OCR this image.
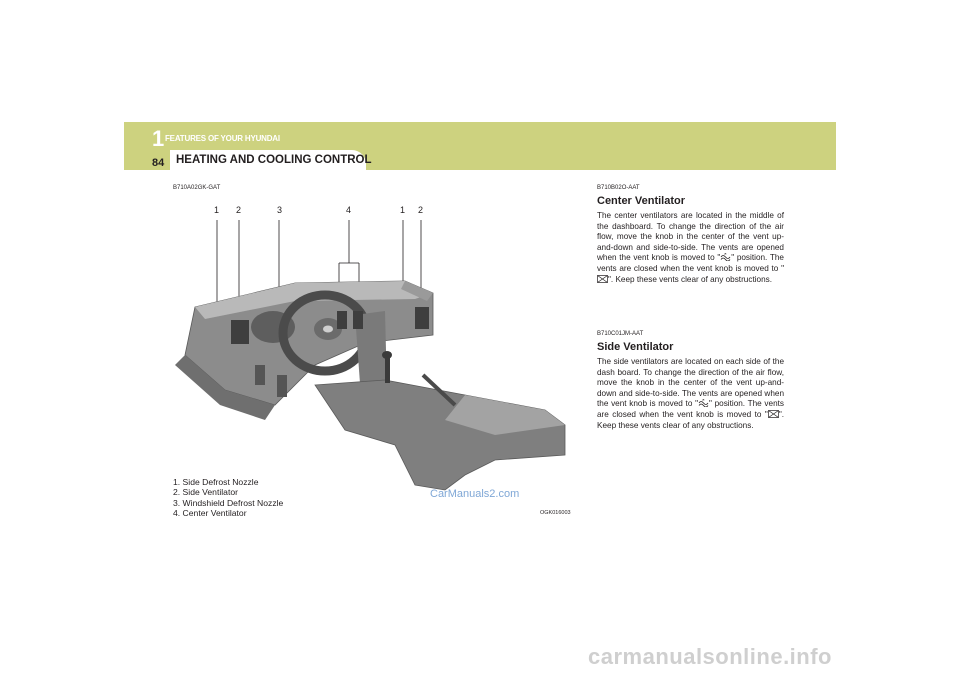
1 FEATURES OF YOUR HYUNDAI
84 HEATING AND COOLING CONTROL
B710A02GK-GAT
1 2	3	4	1 2
1. Side Defrost Nozzle
2. Side Ventilator
3. Windshield Defrost Nozzle
4. Center Ventilator
CarManuals2.com
OGK016003
B710B02O-AAT

Center Ventilator

The center ventilators are located in the middle of the dashboard. To change the direction of the air flow, move the knob in the center of the vent up-and-down and side-to-side. The vents are opened when the vent knob is moved to " " position. The vents are closed when the vent knob is moved to "". Keep these vents clear of any obstructions.

B710C01JM-AAT

Side Ventilator

The side ventilators are located on each side of the dash board. To change the direction of the air flow, move the knob in the center of the vent up-and-down and side-to-side. The vents are opened when the vent knob is moved to " " position. The vents are closed when the vent knob is moved to " ". Keep these vents clear of any obstructions.

carmanualsonline.info
